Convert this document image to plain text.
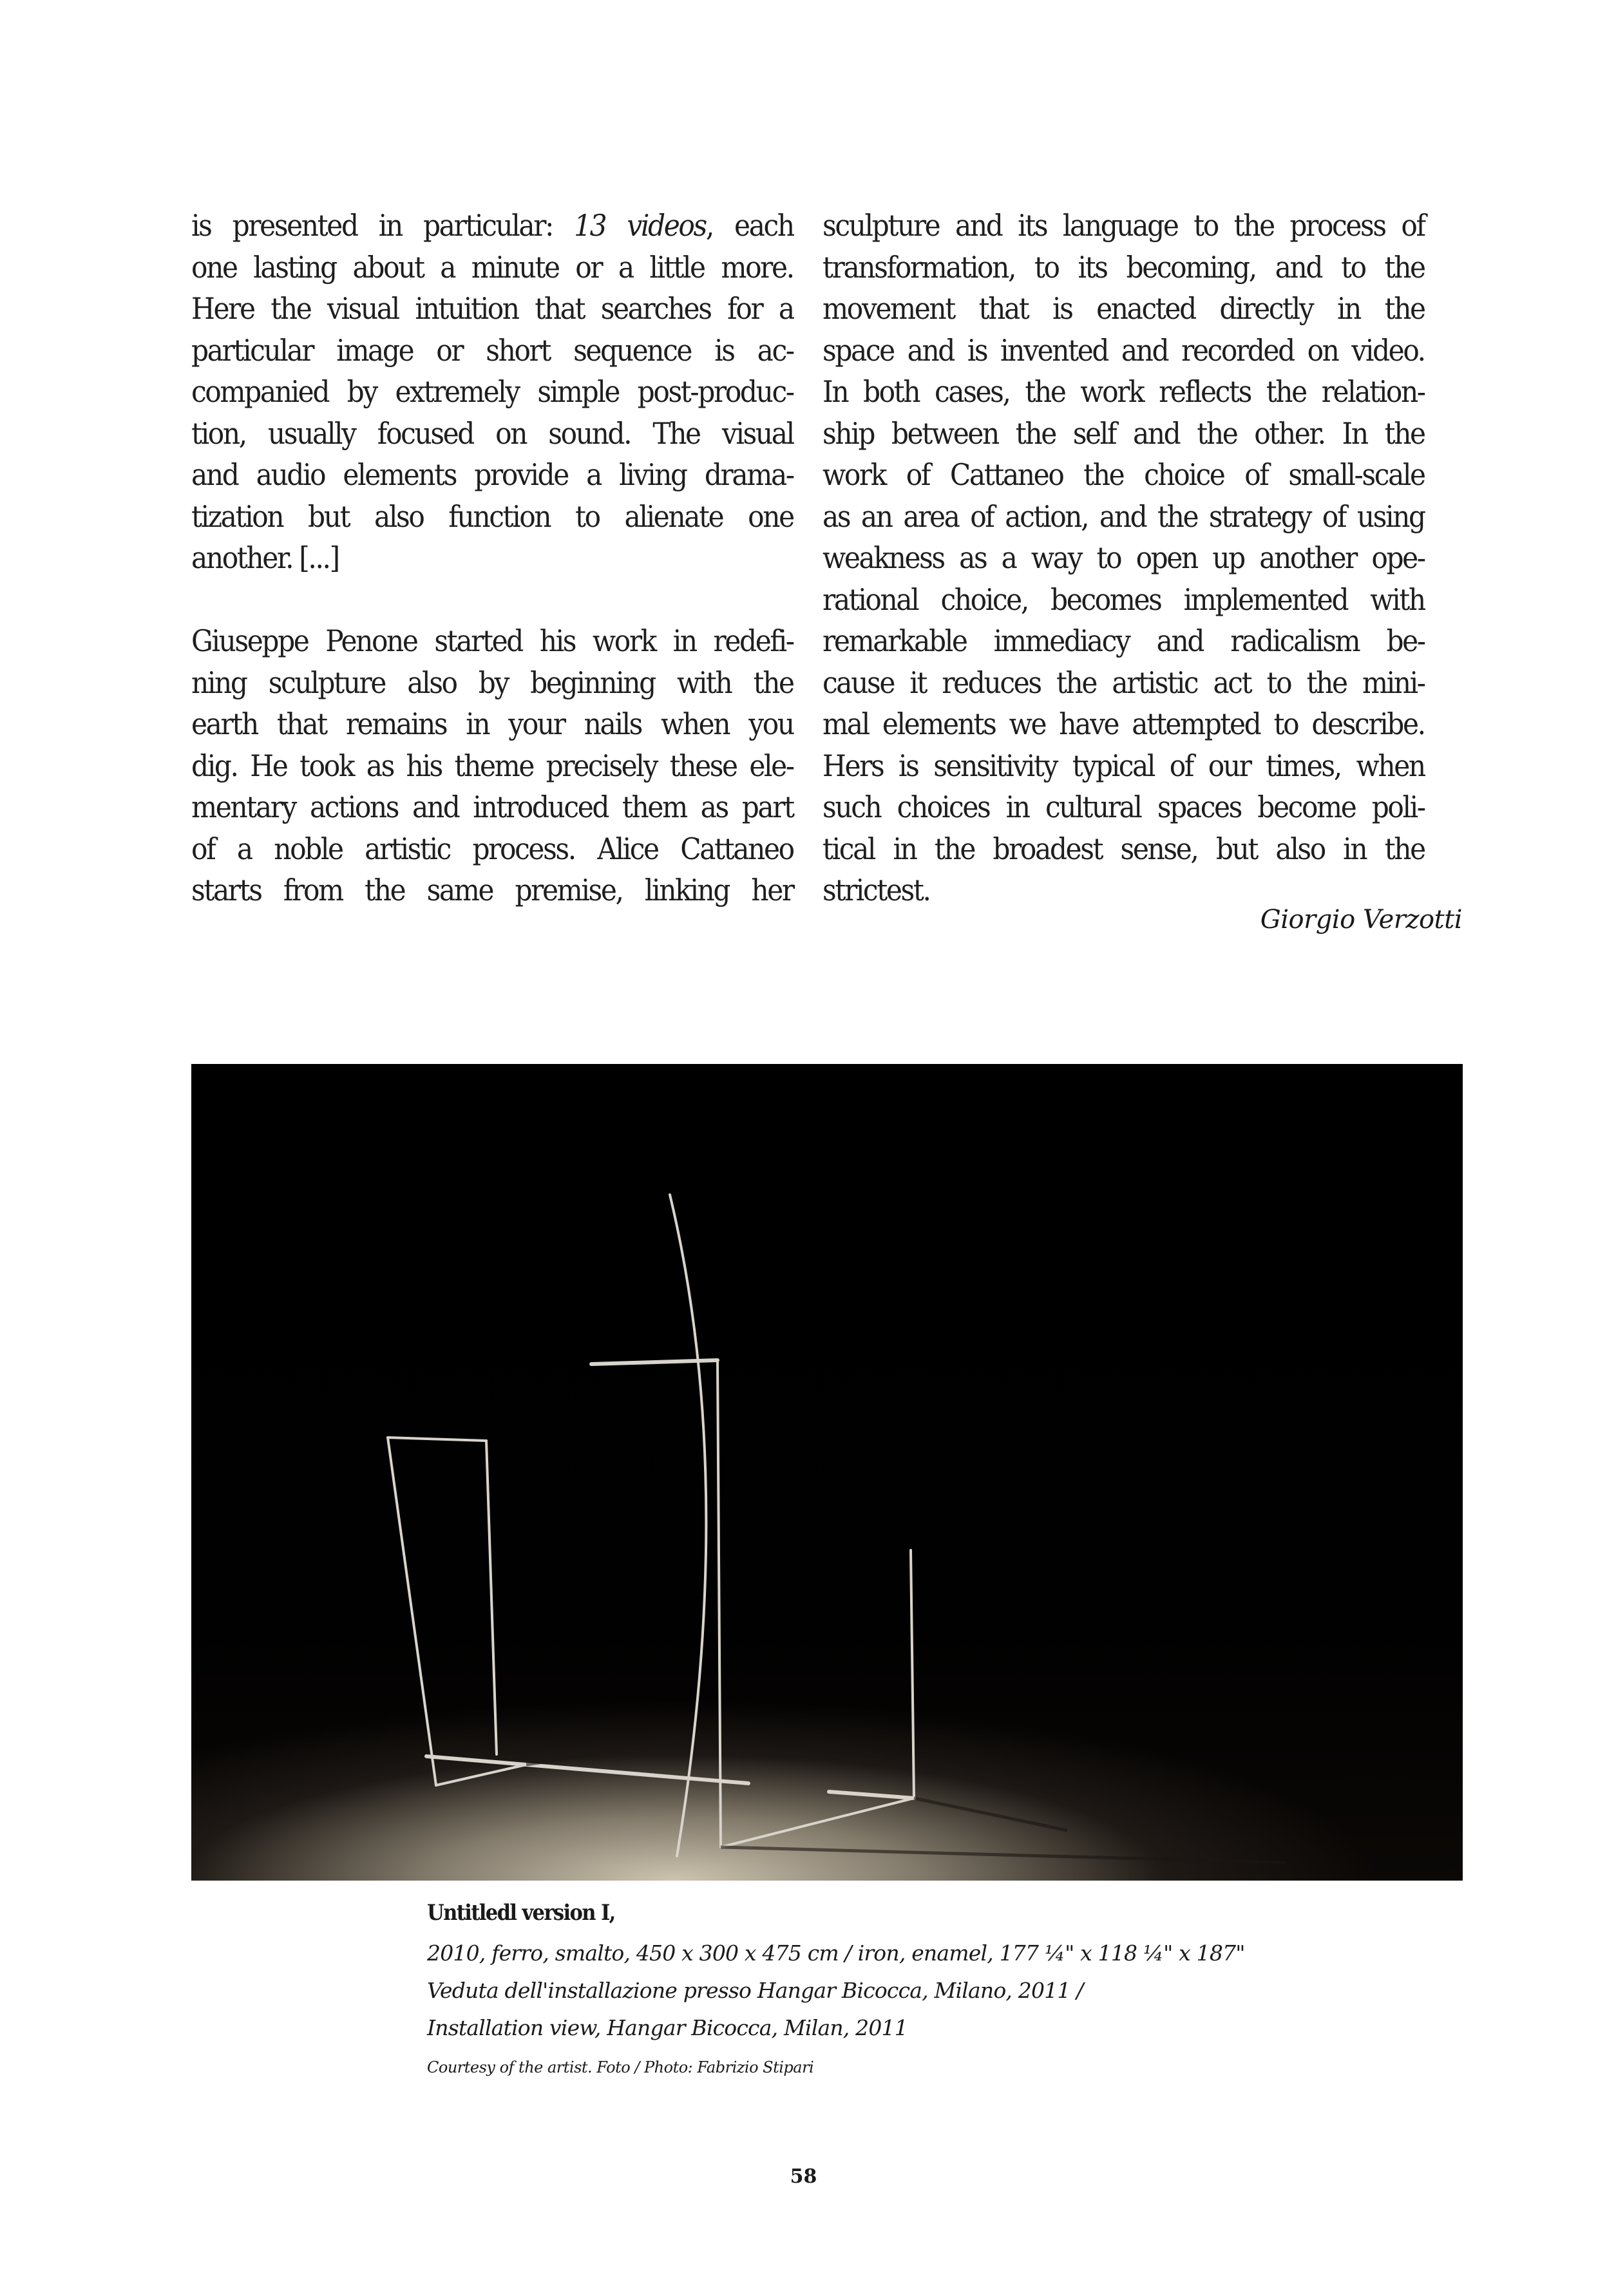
is presented in particular: 13 videos, each
one lasting about a minute or a little more.
Here the visual intuition that searches for a
particular image or short sequence is ac-
companied by extremely simple post-produc-
tion, usually focused on sound. The visual
and audio elements provide a living drama-
tization but also function to alienate one
another. [...]

Giuseppe Penone started his work in redefi-
ning sculpture also by beginning with the
earth that remains in your nails when you
dig. He took as his theme precisely these ele-
mentary actions and introduced them as part
of a noble artistic process. Alice Cattaneo
starts from the same premise, linking her

sculpture and its language to the process of
transformation, to its becoming, and to the
movement that is enacted directly in the
space and is invented and recorded on video.
In both cases, the work reflects the relation-
ship between the self and the other. In the
work of Cattaneo the choice of small-scale
as an area of action, and the strategy of using
weakness as a way to open up another ope-
rational choice, becomes implemented with
remarkable immediacy and radicalism be-
cause it reduces the artistic act to the mini-
mal elements we have attempted to describe.
Hers is sensitivity typical of our times, when
such choices in cultural spaces become poli-
tical in the broadest sense, but also in the
strictest.

Giorgio Verzotti
Untitledl version I,
2010, ferro, smalto, 450 x 300 x 475 cm / iron, enamel, 177 ¼" x 118 ¼" x 187"
Veduta dell'installazione presso Hangar Bicocca, Milano, 2011 /
Installation view, Hangar Bicocca, Milan, 2011
Courtesy of the artist. Foto / Photo: Fabrizio Stipari
58
